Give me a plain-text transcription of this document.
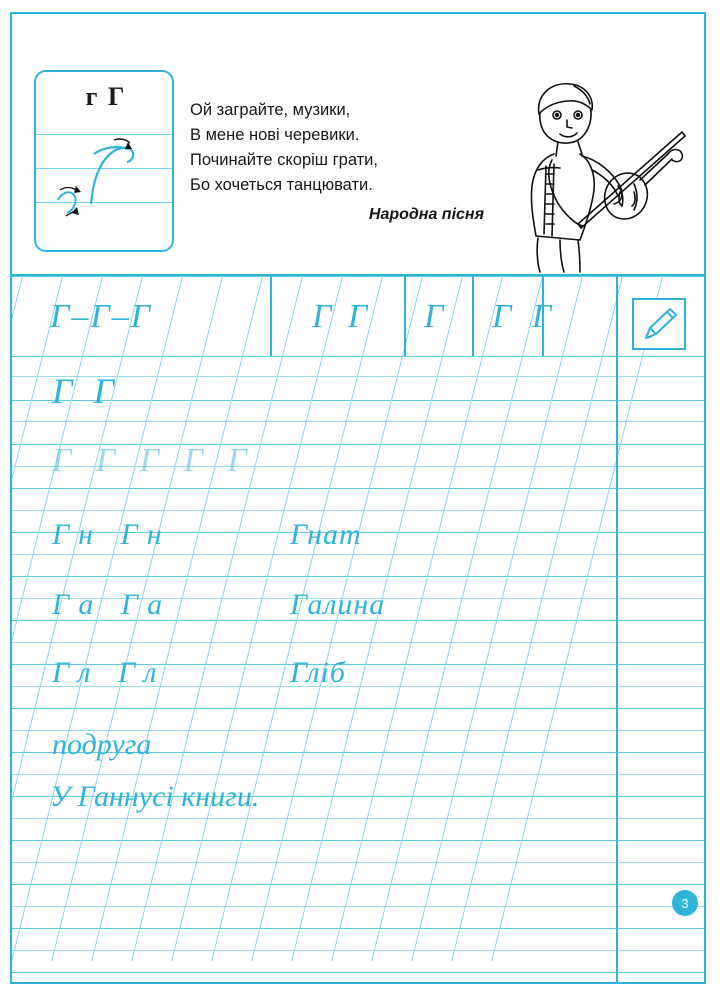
г Г	Ой заграйте, музики,
В мене нові черевики.
Починайте скоріш грати,
Бо хочеться танцювати.
Народна пісня
Г–Г–Г	Г Г Г Г Г
Г Г
Г Г Г Г Г
Гн Гн	Гнат
Га Га	Галина
Гл Гл	Гліб
подруга
У Ганнусі книги.
3
